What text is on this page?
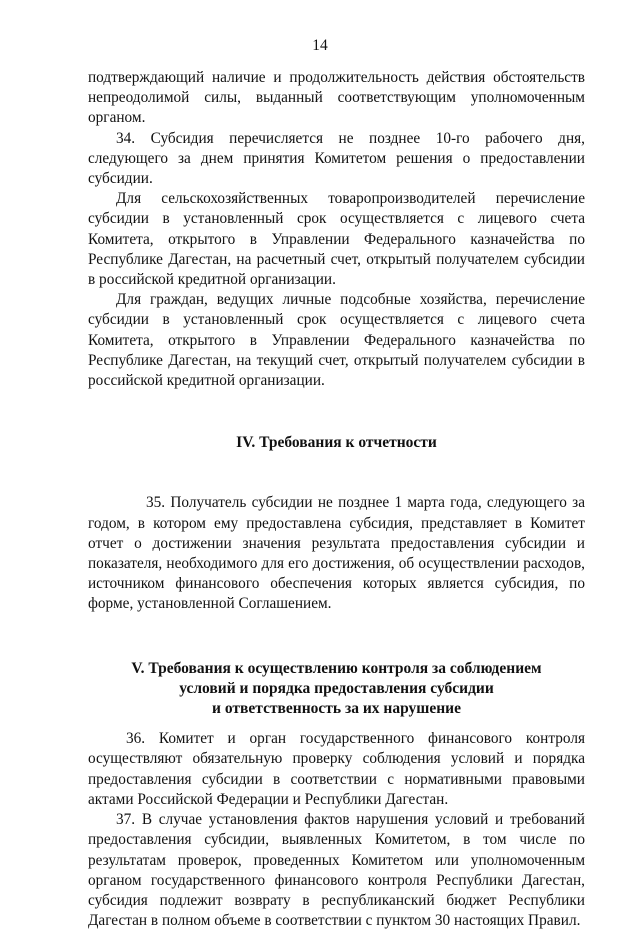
14

подтверждающий наличие и продолжительность действия обстоятельств непреодолимой силы, выданный соответствующим уполномоченным органом.

34. Субсидия перечисляется не позднее 10-го рабочего дня, следующего за днем принятия Комитетом решения о предоставлении субсидии.

Для сельскохозяйственных товаропроизводителей перечисление субсидии в установленный срок осуществляется с лицевого счета Комитета, открытого в Управлении Федерального казначейства по Республике Дагестан, на расчетный счет, открытый получателем субсидии в российской кредитной организации.

Для граждан, ведущих личные подсобные хозяйства, перечисление субсидии в установленный срок осуществляется с лицевого счета Комитета, открытого в Управлении Федерального казначейства по Республике Дагестан, на текущий счет, открытый получателем субсидии в российской кредитной организации.

IV. Требования к отчетности

35. Получатель субсидии не позднее 1 марта года, следующего за годом, в котором ему предоставлена субсидия, представляет в Комитет отчет о достижении значения результата предоставления субсидии и показателя, необходимого для его достижения, об осуществлении расходов, источником финансового обеспечения которых является субсидия, по форме, установленной Соглашением.

V. Требования к осуществлению контроля за соблюдением

условий и порядка предоставления субсидии

и ответственность за их нарушение

36. Комитет и орган государственного финансового контроля осуществляют обязательную проверку соблюдения условий и порядка предоставления субсидии в соответствии с нормативными правовыми актами Российской Федерации и Республики Дагестан.

37. В случае установления фактов нарушения условий и требований предоставления субсидии, выявленных Комитетом, в том числе по результатам проверок, проведенных Комитетом или уполномоченным органом государственного финансового контроля Республики Дагестан, субсидия подлежит возврату в республиканский бюджет Республики Дагестан в полном объеме в соответствии с пунктом 30 настоящих Правил.
